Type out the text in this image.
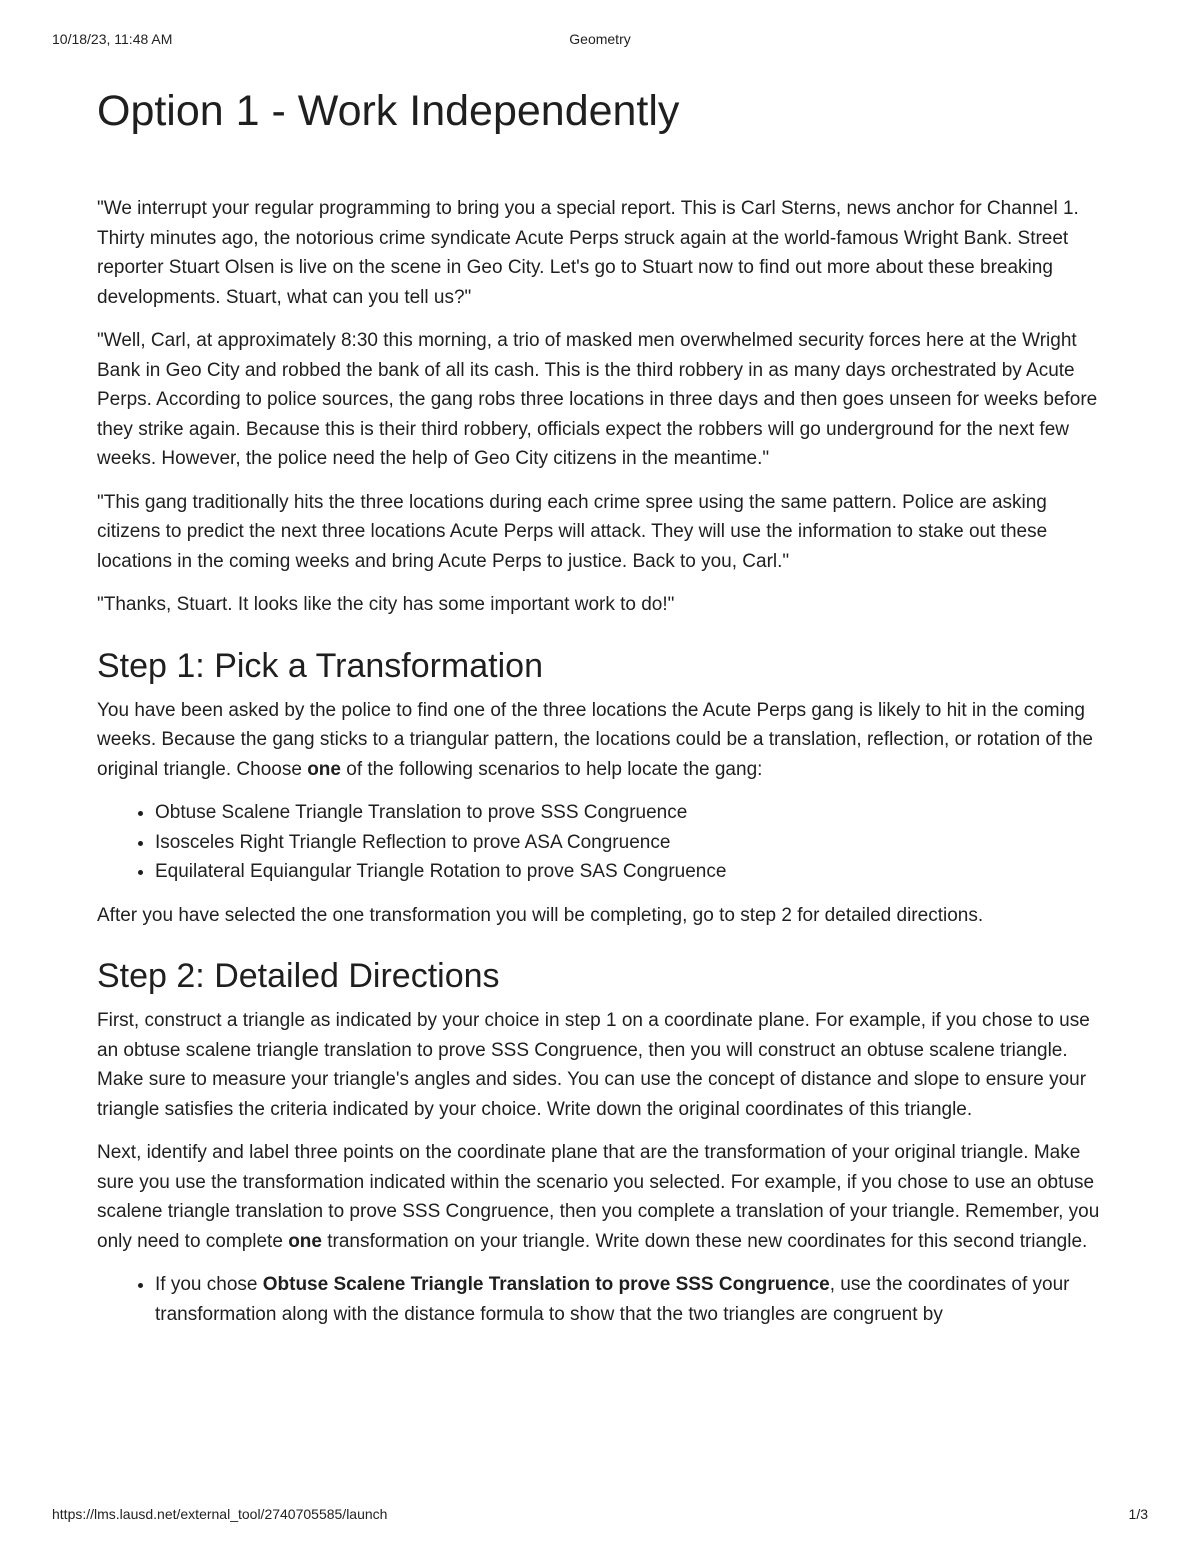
10/18/23, 11:48 AM	Geometry
Option 1 - Work Independently

"We interrupt your regular programming to bring you a special report. This is Carl Sterns, news anchor for Channel 1. Thirty minutes ago, the notorious crime syndicate Acute Perps struck again at the world-famous Wright Bank. Street reporter Stuart Olsen is live on the scene in Geo City. Let's go to Stuart now to find out more about these breaking developments. Stuart, what can you tell us?"

"Well, Carl, at approximately 8:30 this morning, a trio of masked men overwhelmed security forces here at the Wright Bank in Geo City and robbed the bank of all its cash. This is the third robbery in as many days orchestrated by Acute Perps. According to police sources, the gang robs three locations in three days and then goes unseen for weeks before they strike again. Because this is their third robbery, officials expect the robbers will go underground for the next few weeks. However, the police need the help of Geo City citizens in the meantime."

"This gang traditionally hits the three locations during each crime spree using the same pattern. Police are asking citizens to predict the next three locations Acute Perps will attack. They will use the information to stake out these locations in the coming weeks and bring Acute Perps to justice. Back to you, Carl."

"Thanks, Stuart. It looks like the city has some important work to do!"

Step 1: Pick a Transformation

You have been asked by the police to find one of the three locations the Acute Perps gang is likely to hit in the coming weeks. Because the gang sticks to a triangular pattern, the locations could be a translation, reflection, or rotation of the original triangle. Choose one of the following scenarios to help locate the gang:

• Obtuse Scalene Triangle Translation to prove SSS Congruence
• Isosceles Right Triangle Reflection to prove ASA Congruence
• Equilateral Equiangular Triangle Rotation to prove SAS Congruence

After you have selected the one transformation you will be completing, go to step 2 for detailed directions.

Step 2: Detailed Directions

First, construct a triangle as indicated by your choice in step 1 on a coordinate plane. For example, if you chose to use an obtuse scalene triangle translation to prove SSS Congruence, then you will construct an obtuse scalene triangle. Make sure to measure your triangle's angles and sides. You can use the concept of distance and slope to ensure your triangle satisfies the criteria indicated by your choice. Write down the original coordinates of this triangle.

Next, identify and label three points on the coordinate plane that are the transformation of your original triangle. Make sure you use the transformation indicated within the scenario you selected. For example, if you chose to use an obtuse scalene triangle translation to prove SSS Congruence, then you complete a translation of your triangle. Remember, you only need to complete one transformation on your triangle. Write down these new coordinates for this second triangle.

• If you chose Obtuse Scalene Triangle Translation to prove SSS Congruence, use the coordinates of your transformation along with the distance formula to show that the two triangles are congruent by
https://lms.lausd.net/external_tool/2740705585/launch	1/3
